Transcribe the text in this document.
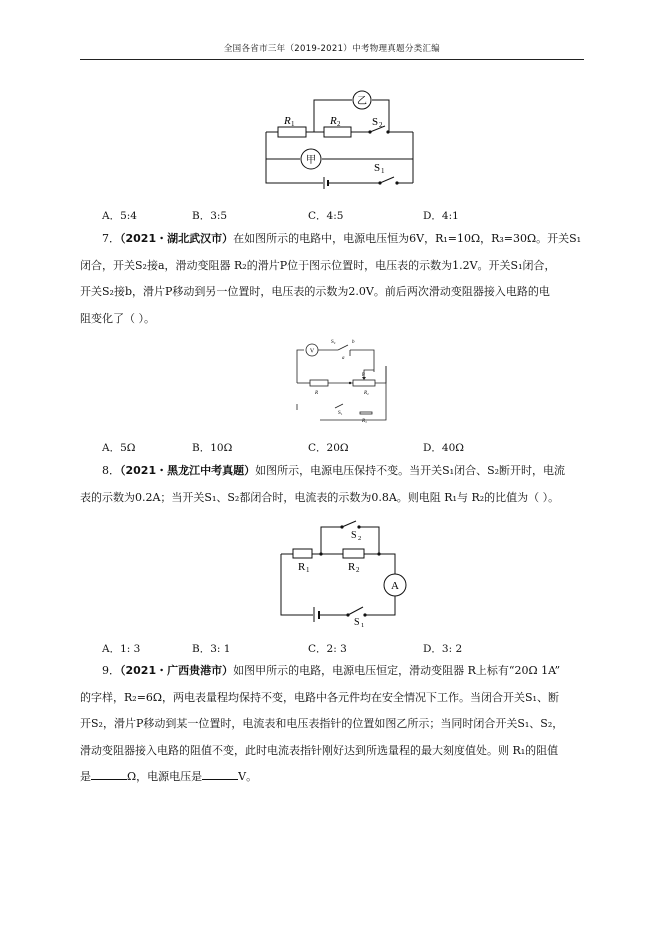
全国各省市三年（2019-2021）中考物理真题分类汇编
乙
甲
R 1	R 2	S 2
S 1
A．5:4	B．3:5	C．4:5	D．4:1

7．（2021・湖北武汉市）在如图所示的电路中，电源电压恒为6V，R₁=10Ω，R₃=30Ω。开关S₁

闭合，开关S₂接a，滑动变阻器 R₂的滑片P位于图示位置时，电压表的示数为1.2V。开关S₁闭合，

开关S₂接b，滑片P移动到另一位置时，电压表的示数为2.0V。前后两次滑动变阻器接入电路的电

阻变化了（ ）。

V
S₂	b
a
P
R	R₂
S₁
R₃
A．5Ω	B．10Ω	C．20Ω	D．40Ω

8．（2021・黑龙江中考真题）如图所示，电源电压保持不变。当开关S₁闭合、S₂断开时，电流

表的示数为0.2A；当开关S₁、S₂都闭合时，电流表的示数为0.8A。则电阻 R₁与 R₂的比值为（ ）。

A
R 1	R 2
S 2
S 1
A．1: 3	B．3: 1	C．2: 3	D．3: 2

9．（2021・广西贵港市）如图甲所示的电路，电源电压恒定，滑动变阻器 R上标有“20Ω 1A”

的字样，R₂=6Ω，两电表量程均保持不变，电路中各元件均在安全情况下工作。当闭合开关S₁、断

开S₂，滑片P移动到某一位置时，电流表和电压表指针的位置如图乙所示；当同时闭合开关S₁、S₂，

滑动变阻器接入电路的阻值不变，此时电流表指针刚好达到所选量程的最大刻度值处。则 R₁的阻值

是	Ω，电源电压是	V。
